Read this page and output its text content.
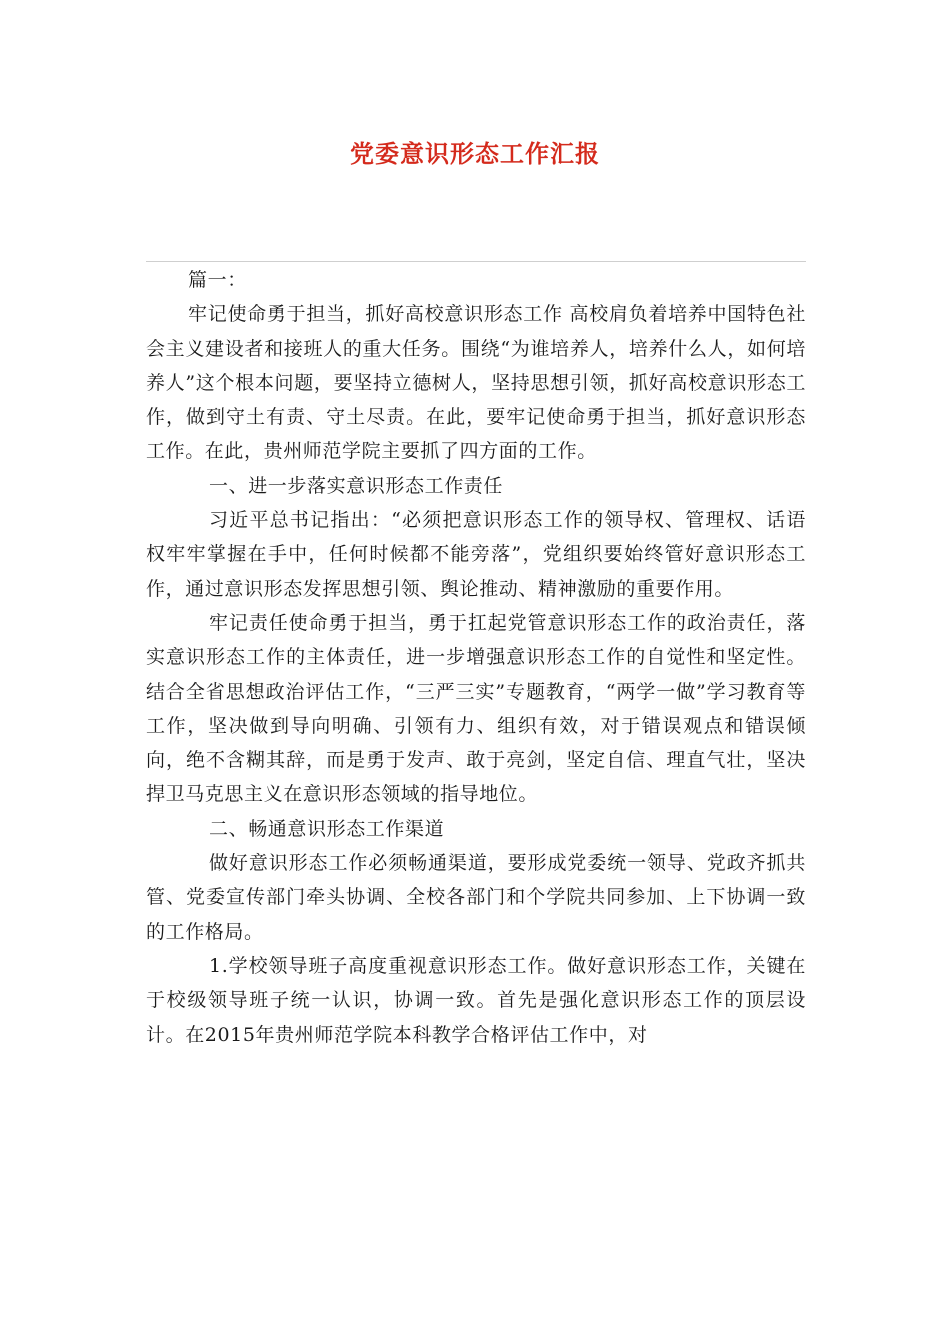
党委意识形态工作汇报

篇一：

牢记使命勇于担当，抓好高校意识形态工作 高校肩负着培养中国特色社会主义建设者和接班人的重大任务。围绕“为谁培养人，培养什么人，如何培养人”这个根本问题，要坚持立德树人，坚持思想引领，抓好高校意识形态工作，做到守土有责、守土尽责。在此，要牢记使命勇于担当，抓好意识形态工作。在此，贵州师范学院主要抓了四方面的工作。

一、进一步落实意识形态工作责任

习近平总书记指出：“必须把意识形态工作的领导权、管理权、话语权牢牢掌握在手中，任何时候都不能旁落”，党组织要始终管好意识形态工作，通过意识形态发挥思想引领、舆论推动、精神激励的重要作用。

牢记责任使命勇于担当，勇于扛起党管意识形态工作的政治责任，落实意识形态工作的主体责任，进一步增强意识形态工作的自觉性和坚定性。结合全省思想政治评估工作，“三严三实”专题教育，“两学一做”学习教育等工作，坚决做到导向明确、引领有力、组织有效，对于错误观点和错误倾向，绝不含糊其辞，而是勇于发声、敢于亮剑，坚定自信、理直气壮，坚决捍卫马克思主义在意识形态领域的指导地位。

二、畅通意识形态工作渠道

做好意识形态工作必须畅通渠道，要形成党委统一领导、党政齐抓共管、党委宣传部门牵头协调、全校各部门和个学院共同参加、上下协调一致的工作格局。

1.学校领导班子高度重视意识形态工作。做好意识形态工作，关键在于校级领导班子统一认识，协调一致。首先是强化意识形态工作的顶层设计。在2015年贵州师范学院本科教学合格评估工作中，对
